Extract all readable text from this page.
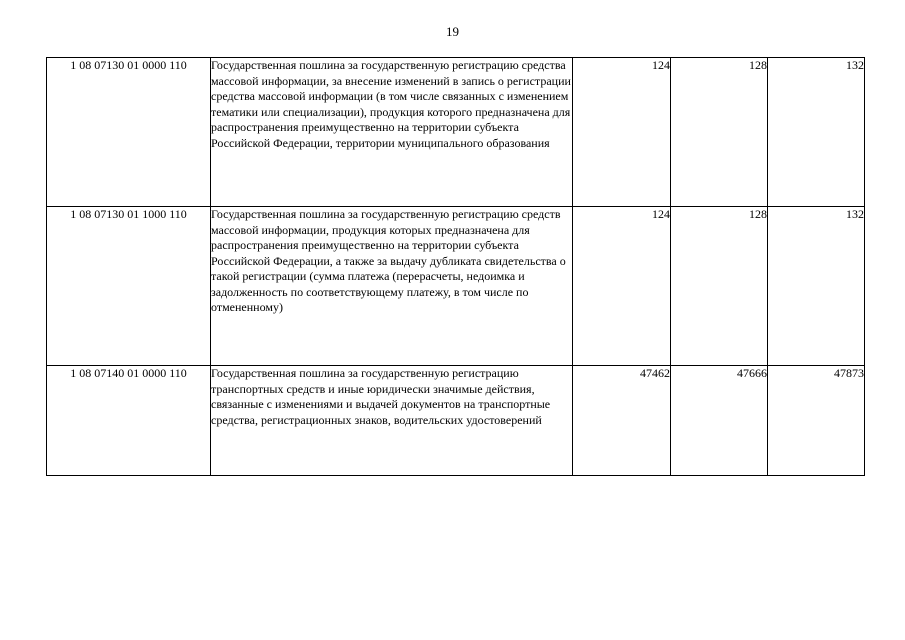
19
1 08 07130 01 0000 110	Государственная пошлина за государственную регистрацию средства массовой информации, за внесение изменений в запись о регистрации средства массовой информации (в том числе связанных с изменением тематики или специализации), продукция которого предназначена для распространения преимущественно на территории субъекта Российской Федерации, территории муниципального образования	124	128	132
1 08 07130 01 1000 110	Государственная пошлина за государственную регистрацию средств массовой информации, продукция которых предназначена для распространения преимущественно на территории субъекта Российской Федерации, а также за выдачу дубликата свидетельства о такой регистрации (сумма платежа (перерасчеты, недоимка и задолженность по соответствующему платежу, в том числе по отмененному)	124	128	132
1 08 07140 01 0000 110	Государственная пошлина за государственную регистрацию транспортных средств и иные юридически значимые действия, связанные с изменениями и выдачей документов на транспортные средства, регистрационных знаков, водительских удостоверений	47462	47666	47873
